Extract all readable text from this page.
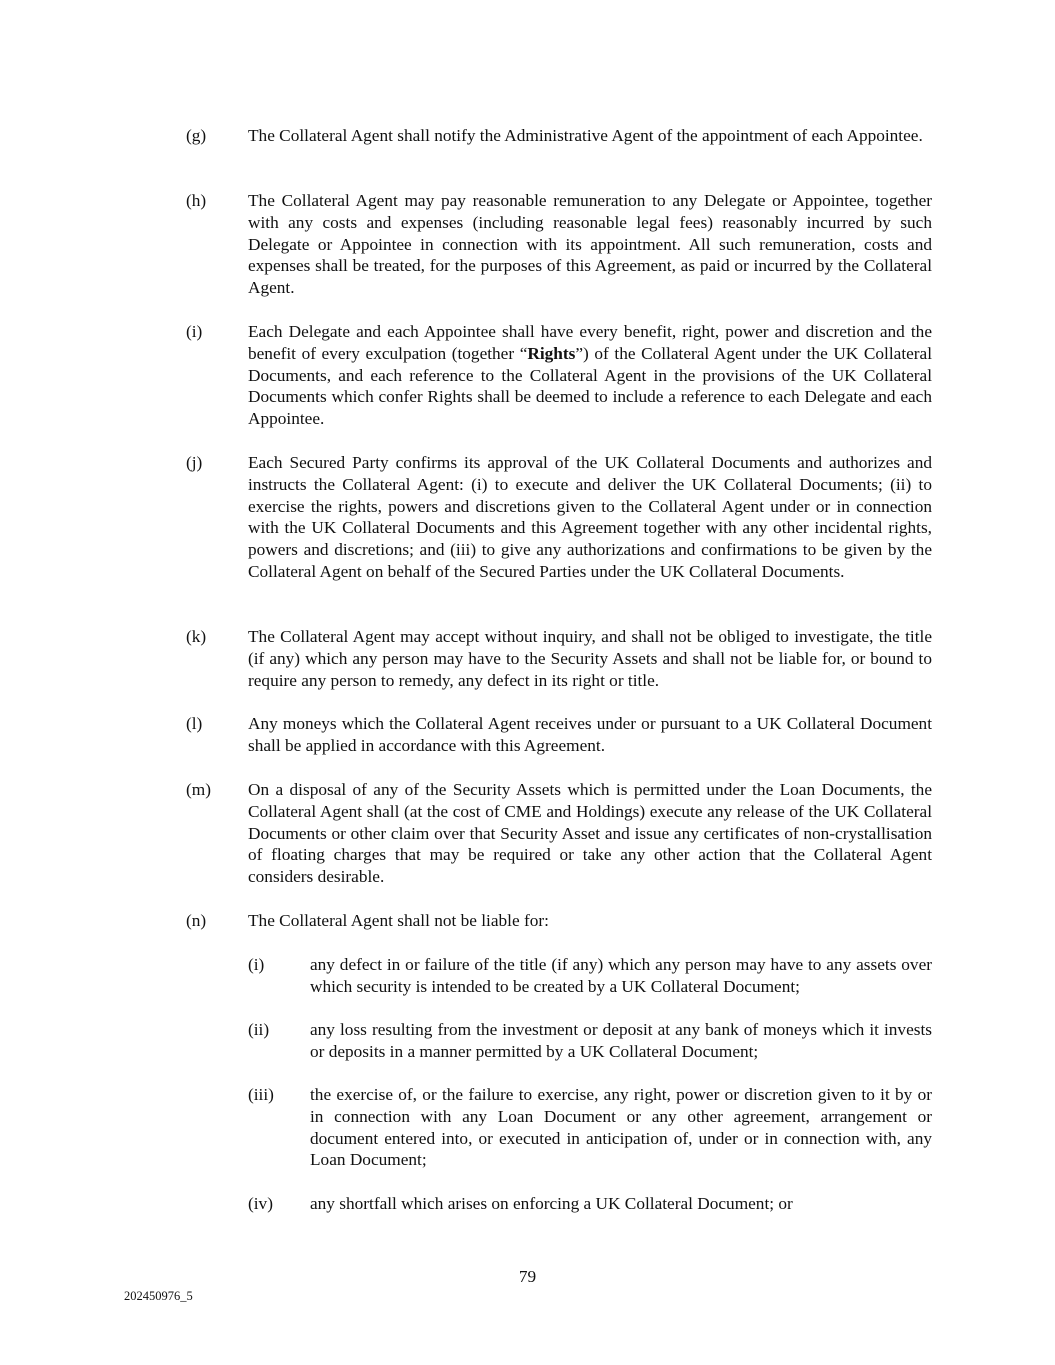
(g)	The Collateral Agent shall notify the Administrative Agent of the appointment of each Appointee.
(h)	The Collateral Agent may pay reasonable remuneration to any Delegate or Appointee, together with any costs and expenses (including reasonable legal fees) reasonably incurred by such Delegate or Appointee in connection with its appointment. All such remuneration, costs and expenses shall be treated, for the purposes of this Agreement, as paid or incurred by the Collateral Agent.
(i)	Each Delegate and each Appointee shall have every benefit, right, power and discretion and the benefit of every exculpation (together “Rights”) of the Collateral Agent under the UK Collateral Documents, and each reference to the Collateral Agent in the provisions of the UK Collateral Documents which confer Rights shall be deemed to include a reference to each Delegate and each Appointee.
(j)	Each Secured Party confirms its approval of the UK Collateral Documents and authorizes and instructs the Collateral Agent: (i) to execute and deliver the UK Collateral Documents; (ii) to exercise the rights, powers and discretions given to the Collateral Agent under or in connection with the UK Collateral Documents and this Agreement together with any other incidental rights, powers and discretions; and (iii) to give any authorizations and confirmations to be given by the Collateral Agent on behalf of the Secured Parties under the UK Collateral Documents.
(k)	The Collateral Agent may accept without inquiry, and shall not be obliged to investigate, the title (if any) which any person may have to the Security Assets and shall not be liable for, or bound to require any person to remedy, any defect in its right or title.
(l)	Any moneys which the Collateral Agent receives under or pursuant to a UK Collateral Document shall be applied in accordance with this Agreement.
(m)	On a disposal of any of the Security Assets which is permitted under the Loan Documents, the Collateral Agent shall (at the cost of CME and Holdings) execute any release of the UK Collateral Documents or other claim over that Security Asset and issue any certificates of non-crystallisation of floating charges that may be required or take any other action that the Collateral Agent considers desirable.
(n)	The Collateral Agent shall not be liable for:
(i)	any defect in or failure of the title (if any) which any person may have to any assets over which security is intended to be created by a UK Collateral Document;
(ii)	any loss resulting from the investment or deposit at any bank of moneys which it invests or deposits in a manner permitted by a UK Collateral Document;
(iii)	the exercise of, or the failure to exercise, any right, power or discretion given to it by or in connection with any Loan Document or any other agreement, arrangement or document entered into, or executed in anticipation of, under or in connection with, any Loan Document;
(iv)	any shortfall which arises on enforcing a UK Collateral Document; or
79
202450976_5
